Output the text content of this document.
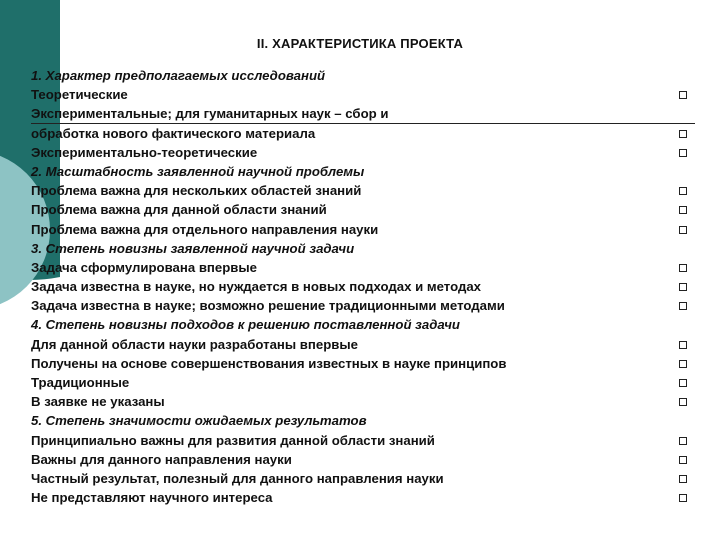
II. ХАРАКТЕРИСТИКА ПРОЕКТА
1. Характер предполагаемых исследований
Теоретические
Экспериментальные; для гуманитарных наук – сбор и
обработка нового фактического материала
Экспериментально-теоретические
2. Масштабность заявленной научной проблемы
Проблема важна для нескольких областей знаний
Проблема важна для данной области знаний
Проблема важна для отдельного направления науки
3. Степень новизны заявленной научной задачи
Задача сформулирована впервые
Задача известна в науке, но нуждается в новых подходах и методах
Задача известна в науке; возможно решение традиционными методами
4. Степень новизны подходов к решению поставленной задачи
Для данной области науки разработаны впервые
Получены на основе совершенствования известных в науке принципов
Традиционные
В заявке не указаны
5. Степень значимости ожидаемых результатов
Принципиально важны для развития данной области знаний
Важны для данного направления науки
Частный результат, полезный для данного направления науки
Не представляют научного интереса
